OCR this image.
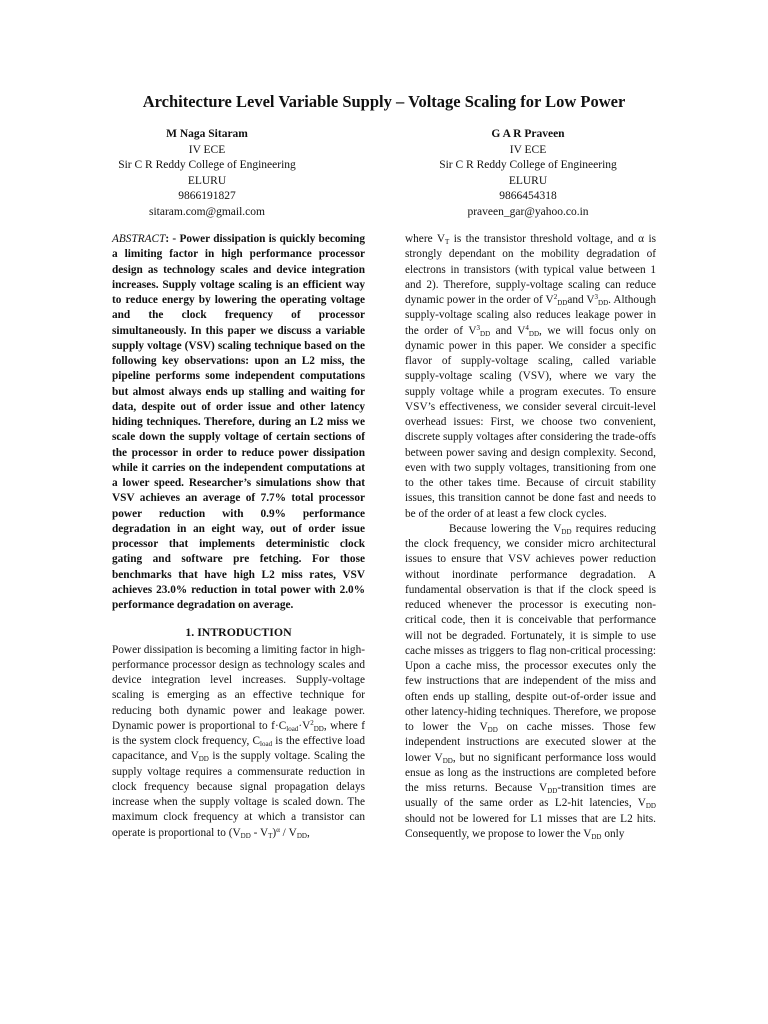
Architecture Level Variable Supply – Voltage Scaling for Low Power
M Naga Sitaram
IV ECE
Sir C R Reddy College of Engineering
ELURU
9866191827
sitaram.com@gmail.com
G A R Praveen
IV ECE
Sir C R Reddy College of Engineering
ELURU
9866454318
praveen_gar@yahoo.co.in

ABSTRACT: - Power dissipation is quickly becoming a limiting factor in high performance processor design as technology scales and device integration increases. Supply voltage scaling is an efficient way to reduce energy by lowering the operating voltage and the clock frequency of processor simultaneously. In this paper we discuss a variable supply voltage (VSV) scaling technique based on the following key observations: upon an L2 miss, the pipeline performs some independent computations but almost always ends up stalling and waiting for data, despite out of order issue and other latency hiding techniques. Therefore, during an L2 miss we scale down the supply voltage of certain sections of the processor in order to reduce power dissipation while it carries on the independent computations at a lower speed. Researcher’s simulations show that VSV achieves an average of 7.7% total processor power reduction with 0.9% performance degradation in an eight way, out of order issue processor that implements deterministic clock gating and software pre fetching. For those benchmarks that have high L2 miss rates, VSV achieves 23.0% reduction in total power with 2.0% performance degradation on average.

1. INTRODUCTION

Power dissipation is becoming a limiting factor in high-performance processor design as technology scales and device integration level increases. Supply-voltage scaling is emerging as an effective technique for reducing both dynamic power and leakage power. Dynamic power is proportional to $f\cdot C_{load}\cdot V^2_{DD}$, where f is the system clock frequency, $C_{load}$ is the effective load capacitance, and $V_{DD}$ is the supply voltage. Scaling the supply voltage requires a commensurate reduction in clock frequency because signal propagation delays increase when the supply voltage is scaled down. The maximum clock frequency at which a transistor can operate is proportional to $(V_{DD} - V_T)^\alpha / V_{DD}$,

where $V_T$ is the transistor threshold voltage, and α is strongly dependant on the mobility degradation of electrons in transistors (with typical value between 1 and 2). Therefore, supply-voltage scaling can reduce dynamic power in the order of $V^2_{DD}and$ $V^3_{DD}$. Although supply-voltage scaling also reduces leakage power in the order of $V^3_{DD}$ and $V^4_{DD}$, we will focus only on dynamic power in this paper. We consider a specific flavor of supply-voltage scaling, called variable supply-voltage scaling (VSV), where we vary the supply voltage while a program executes. To ensure VSV’s effectiveness, we consider several circuit-level overhead issues: First, we choose two convenient, discrete supply voltages after considering the trade-offs between power saving and design complexity. Second, even with two supply voltages, transitioning from one to the other takes time. Because of circuit stability issues, this transition cannot be done fast and needs to be of the order of at least a few clock cycles.

Because lowering the $V_{DD}$ requires reducing the clock frequency, we consider micro architectural issues to ensure that VSV achieves power reduction without inordinate performance degradation. A fundamental observation is that if the clock speed is reduced whenever the processor is executing non-critical code, then it is conceivable that performance will not be degraded. Fortunately, it is simple to use cache misses as triggers to flag non-critical processing: Upon a cache miss, the processor executes only the few instructions that are independent of the miss and often ends up stalling, despite out-of-order issue and other latency-hiding techniques. Therefore, we propose to lower the $V_{DD}$ on cache misses. Those few independent instructions are executed slower at the lower $V_{DD}$, but no significant performance loss would ensue as long as the instructions are completed before the miss returns. Because $V_{DD}$-transition times are usually of the same order as L2-hit latencies, $V_{DD}$ should not be lowered for L1 misses that are L2 hits. Consequently, we propose to lower the $V_{DD}$ only
